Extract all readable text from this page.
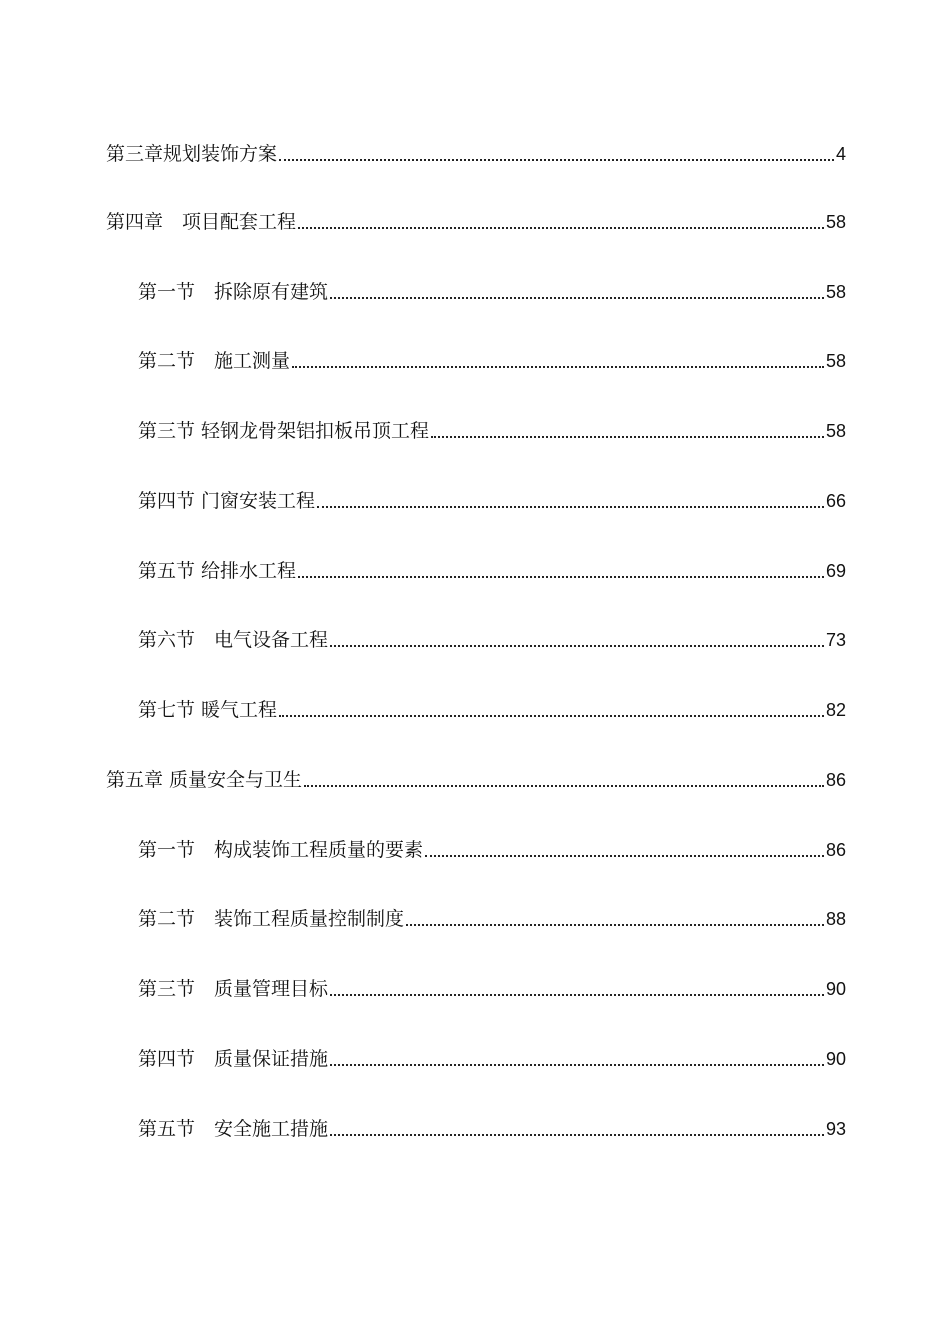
第三章规划装饰方案	4
第四章　项目配套工程	58
第一节　拆除原有建筑	58
第二节　施工测量	58
第三节 轻钢龙骨架铝扣板吊顶工程	58
第四节 门窗安装工程	66
第五节 给排水工程	69
第六节　电气设备工程	73
第七节 暖气工程	82
第五章 质量安全与卫生	86
第一节　构成装饰工程质量的要素	86
第二节　装饰工程质量控制制度	88
第三节　质量管理目标	90
第四节　质量保证措施	90
第五节　安全施工措施	93
